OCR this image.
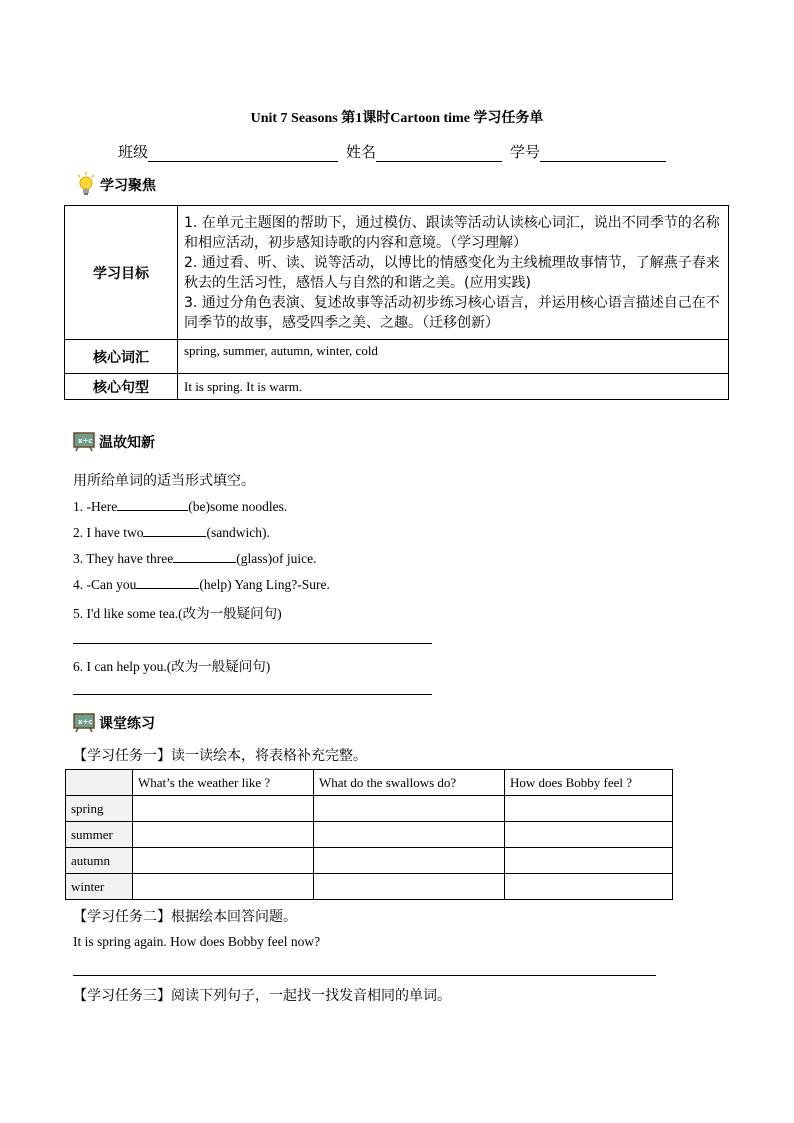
Unit 7 Seasons 第1课时Cartoon time 学习任务单
班级	姓名	学号
学习聚焦
学习目标	1. 在单元主题图的帮助下，通过模仿、跟读等活动认读核心词汇，说出不同季节的名称和相应活动，初步感知诗歌的内容和意境。（学习理解）
2. 通过看、听、读、说等活动，以博比的情感变化为主线梳理故事情节，了解燕子春来秋去的生活习性，感悟人与自然的和谐之美。(应用实践)
3. 通过分角色表演、复述故事等活动初步练习核心语言，并运用核心语言描述自己在不同季节的故事，感受四季之美、之趣。（迁移创新）

核心词汇	spring, summer, autumn, winter, cold
核心句型	It is spring. It is warm.
x÷c 温故知新
用所给单词的适当形式填空。
1. -Here	(be)some noodles.
2. I have two	(sandwich).
3. They have three	(glass)of juice.
4. -Can you	(help) Yang Ling?-Sure.
5. I'd like some tea.(改为一般疑问句)
6. I can help you.(改为一般疑问句)
x÷c 课堂练习
【学习任务一】读一读绘本，将表格补充完整。
	What’s the weather like ?	What do the swallows do?	How does Bobby feel ?
spring			
summer			
autumn			
winter			
【学习任务二】根据绘本回答问题。
It is spring again. How does Bobby feel now?
【学习任务三】阅读下列句子，一起找一找发音相同的单词。
